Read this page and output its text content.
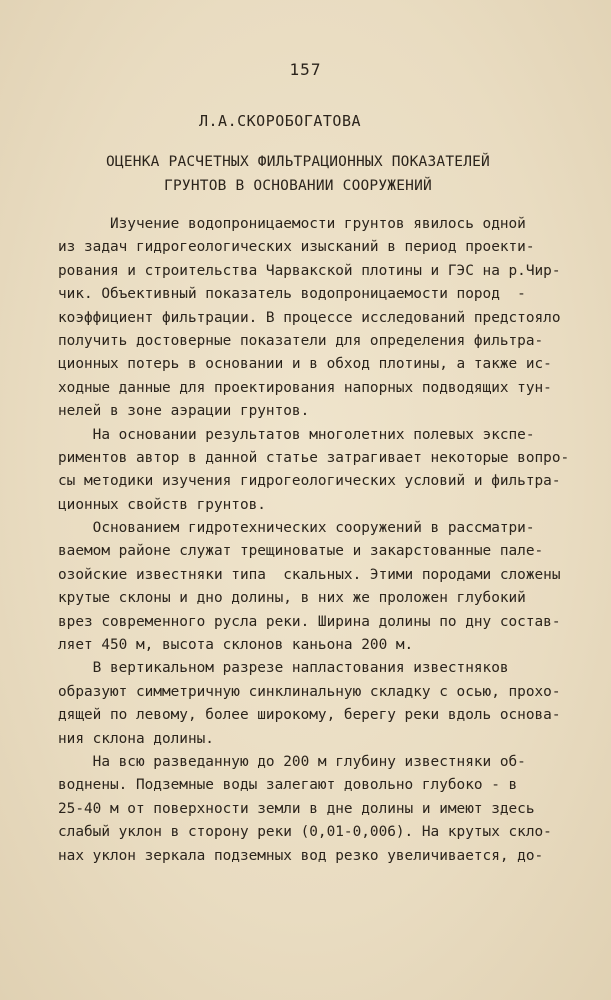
157
Л.А.СКОРОБОГАТОВА
ОЦЕНКА РАСЧЕТНЫХ ФИЛЬТРАЦИОННЫХ ПОКАЗАТЕЛЕЙ
ГРУНТОВ В ОСНОВАНИИ СООРУЖЕНИЙ
Изучение водопроницаемости грунтов явилось одной
из задач гидрогеологических изысканий в период проекти-
рования и строительства Чарвакской плотины и ГЭС на р.Чир-
чик. Объективный показатель водопроницаемости пород  -
коэффициент фильтрации. В процессе исследований предстояло
получить достоверные показатели для определения фильтра-
ционных потерь в основании и в обход плотины, а также ис-
ходные данные для проектирования напорных подводящих тун-
нелей в зоне аэрации грунтов.
На основании результатов многолетних полевых экспе-
риментов автор в данной статье затрагивает некоторые вопро-
сы методики изучения гидрогеологических условий и фильтра-
ционных свойств грунтов.
Основанием гидротехнических сооружений в рассматри-
ваемом районе служат трещиноватые и закарстованные пале-
озойские известняки типа  скальных. Этими породами сложены
крутые склоны и дно долины, в них же проложен глубокий
врез современного русла реки. Ширина долины по дну состав-
ляет 450 м, высота склонов каньона 200 м.
В вертикальном разрезе напластования известняков
образуют симметричную синклинальную складку с осью, прохо-
дящей по левому, более широкому, берегу реки вдоль основа-
ния склона долины.
На всю разведанную до 200 м глубину известняки об-
воднены. Подземные воды залегают довольно глубоко - в
25-40 м от поверхности земли в дне долины и имеют здесь
слабый уклон в сторону реки (0,01-0,006). На крутых скло-
нах уклон зеркала подземных вод резко увеличивается, до-
